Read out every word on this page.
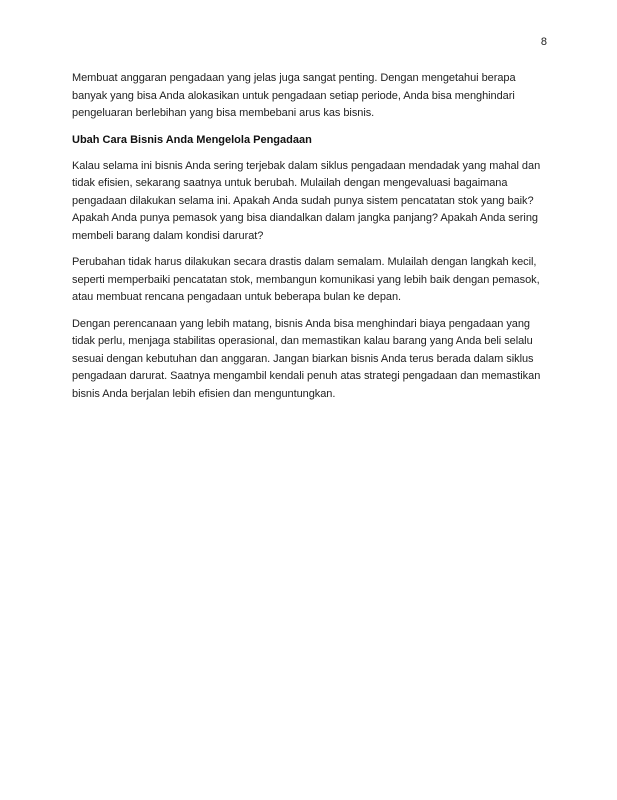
8

Membuat anggaran pengadaan yang jelas juga sangat penting. Dengan mengetahui berapa banyak yang bisa Anda alokasikan untuk pengadaan setiap periode, Anda bisa menghindari pengeluaran berlebihan yang bisa membebani arus kas bisnis.

Ubah Cara Bisnis Anda Mengelola Pengadaan

Kalau selama ini bisnis Anda sering terjebak dalam siklus pengadaan mendadak yang mahal dan tidak efisien, sekarang saatnya untuk berubah. Mulailah dengan mengevaluasi bagaimana pengadaan dilakukan selama ini. Apakah Anda sudah punya sistem pencatatan stok yang baik? Apakah Anda punya pemasok yang bisa diandalkan dalam jangka panjang? Apakah Anda sering membeli barang dalam kondisi darurat?

Perubahan tidak harus dilakukan secara drastis dalam semalam. Mulailah dengan langkah kecil, seperti memperbaiki pencatatan stok, membangun komunikasi yang lebih baik dengan pemasok, atau membuat rencana pengadaan untuk beberapa bulan ke depan.

Dengan perencanaan yang lebih matang, bisnis Anda bisa menghindari biaya pengadaan yang tidak perlu, menjaga stabilitas operasional, dan memastikan kalau barang yang Anda beli selalu sesuai dengan kebutuhan dan anggaran. Jangan biarkan bisnis Anda terus berada dalam siklus pengadaan darurat. Saatnya mengambil kendali penuh atas strategi pengadaan dan memastikan bisnis Anda berjalan lebih efisien dan menguntungkan.
